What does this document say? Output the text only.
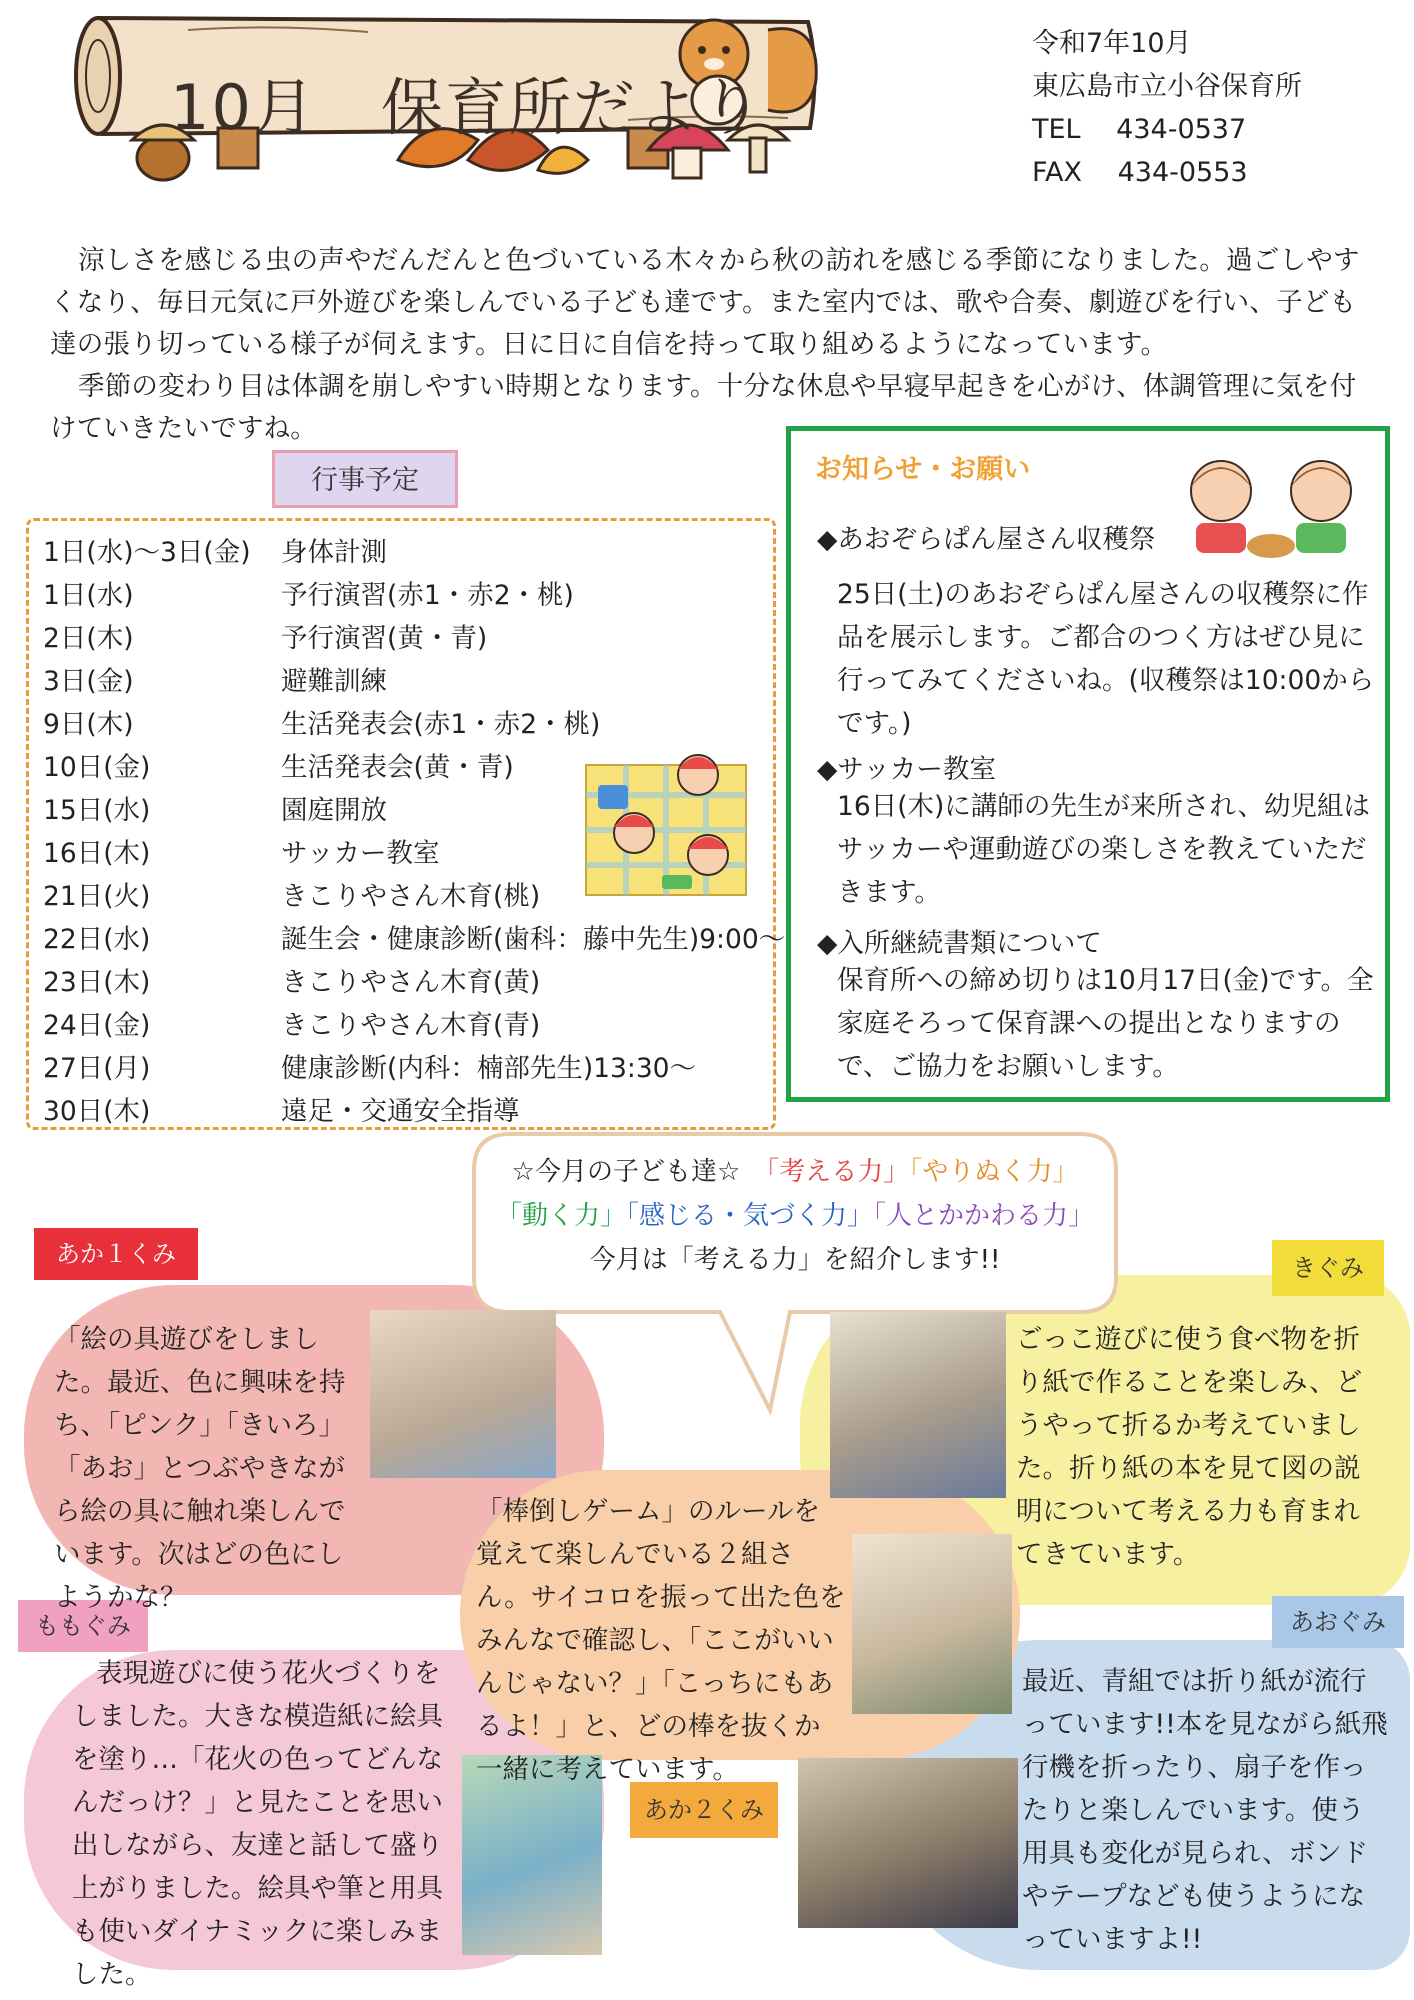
10月　保育所だより
令和7年10月
東広島市立小谷保育所
TEL　 434-0537
FAX　 434-0553

涼しさを感じる虫の声やだんだんと色づいている木々から秋の訪れを感じる季節になりました。過ごしやすくなり、毎日元気に戸外遊びを楽しんでいる子ども達です。また室内では、歌や合奏、劇遊びを行い、子ども達の張り切っている様子が伺えます。日に日に自信を持って取り組めるようになっています。

季節の変わり目は体調を崩しやすい時期となります。十分な休息や早寝早起きを心がけ、体調管理に気を付けていきたいですね。

行事予定
1日(水)～3日(金) 身体計測
1日(水)	予行演習(赤1・赤2・桃)
2日(木)	予行演習(黄・青)
3日(金)	避難訓練
9日(木)	生活発表会(赤1・赤2・桃)
10日(金)	生活発表会(黄・青)
15日(水)	園庭開放
16日(木)	サッカー教室
21日(火)	きこりやさん木育(桃)
22日(水)	誕生会・健康診断(歯科：藤中先生)9:00～
23日(木)	きこりやさん木育(黄)
24日(金)	きこりやさん木育(青)
27日(月)	健康診断(内科：楠部先生)13:30～
30日(木)	遠足・交通安全指導
お知らせ・お願い
◆あおぞらぱん屋さん収穫祭
25日(土)のあおぞらぱん屋さんの収穫祭に作品を展示します。ご都合のつく方はぜひ見に行ってみてくださいね。(収穫祭は10:00からです。)
◆サッカー教室
16日(木)に講師の先生が来所され、幼児組はサッカーや運動遊びの楽しさを教えていただきます。
◆入所継続書類について
保育所への締め切りは10月17日(金)です。全家庭そろって保育課への提出となりますので、ご協力をお願いします。
☆今月の子ども達☆　 「考える力」「やりぬく力」
「動く力」「感じる・気づく力」「人とかかわる力」
今月は「考える力」を紹介します!!
あか１くみ	きぐみ
ももぐみ	あおぐみ
あか２くみ
「絵の具遊びをしました。最近、色に興味を持ち、「ピンク」「きいろ」「あお」とつぶやきながら絵の具に触れ楽しんでいます。次はどの色にしようかな？
ごっこ遊びに使う食べ物を折り紙で作ることを楽しみ、どうやって折るか考えていました。折り紙の本を見て図の説明について考える力も育まれてきています。
「棒倒しゲーム」のルールを覚えて楽しんでいる２組さん。サイコロを振って出た色をみんなで確認し、「ここがいいんじゃない？」「こっちにもあるよ！」と、どの棒を抜くか一緒に考えています。
表現遊びに使う花火づくりをしました。大きな模造紙に絵具を塗り…「花火の色ってどんなんだっけ？」と見たことを思い出しながら、友達と話して盛り上がりました。絵具や筆と用具も使いダイナミックに楽しみました。
最近、青組では折り紙が流行っています!!本を見ながら紙飛行機を折ったり、扇子を作ったりと楽しんでいます。使う用具も変化が見られ、ボンドやテープなども使うようになっていますよ!!
